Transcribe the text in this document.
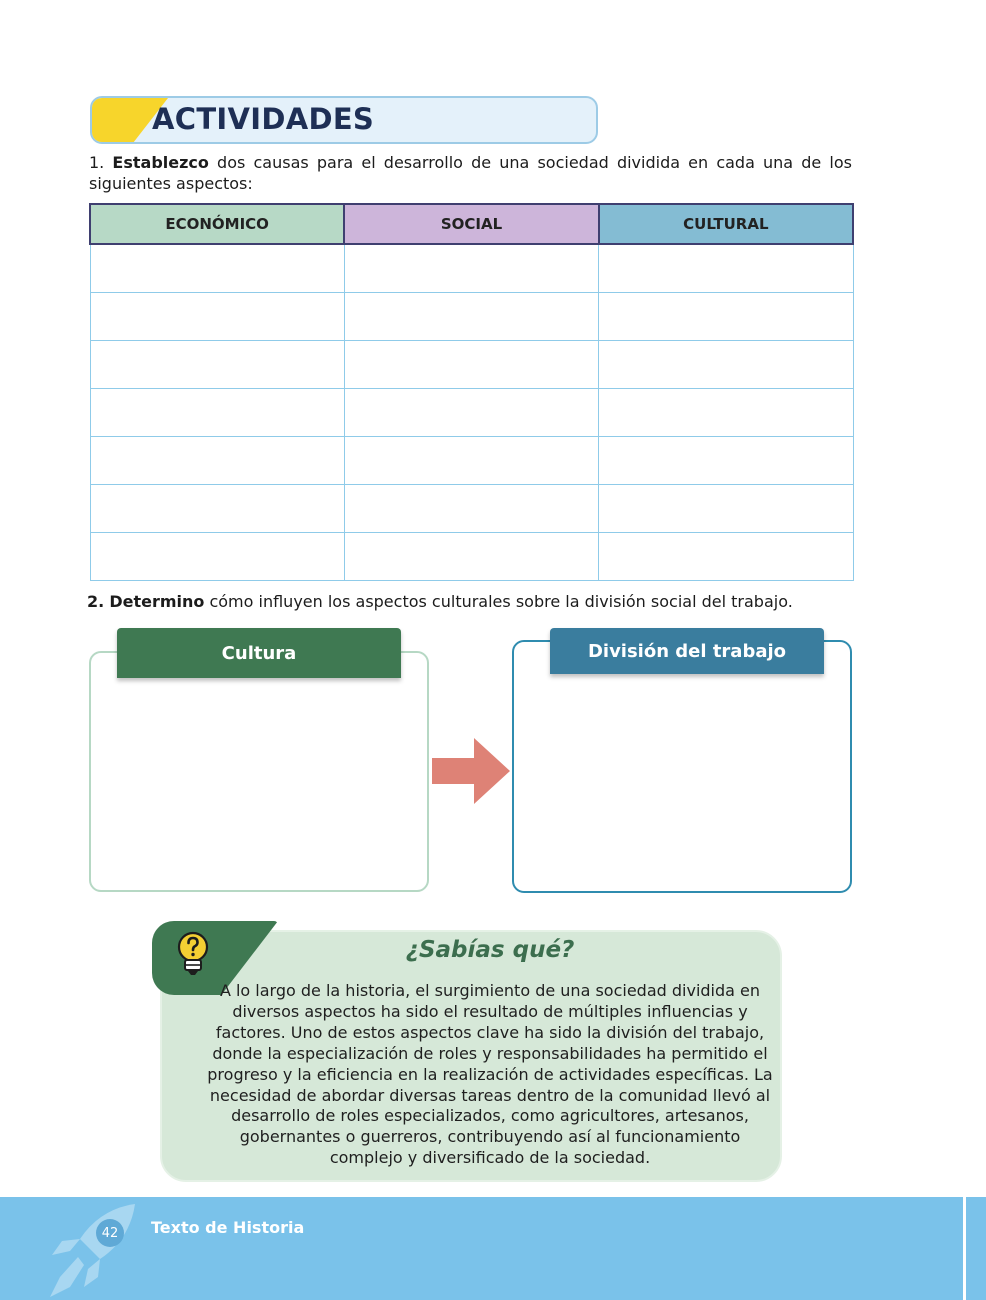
ACTIVIDADES
1. Establezco dos causas para el desarrollo de una sociedad dividida en cada una de los siguientes aspectos:
ECONÓMICO	SOCIAL	CULTURAL

2. Determino cómo influyen los aspectos culturales sobre la división social del trabajo.
Cultura	División del trabajo
¿Sabías qué?
A lo largo de la historia, el surgimiento de una sociedad dividida en diversos aspectos ha sido el resultado de múltiples influencias y factores. Uno de estos aspectos clave ha sido la división del trabajo, donde la especialización de roles y responsabilidades ha permitido el progreso y la eficiencia en la realización de actividades específicas. La necesidad de abordar diversas tareas dentro de la comunidad llevó al desarrollo de roles especializados, como agricultores, artesanos, gobernantes o guerreros, contribuyendo así al funcionamiento complejo y diversificado de la sociedad.
42	Texto de Historia
